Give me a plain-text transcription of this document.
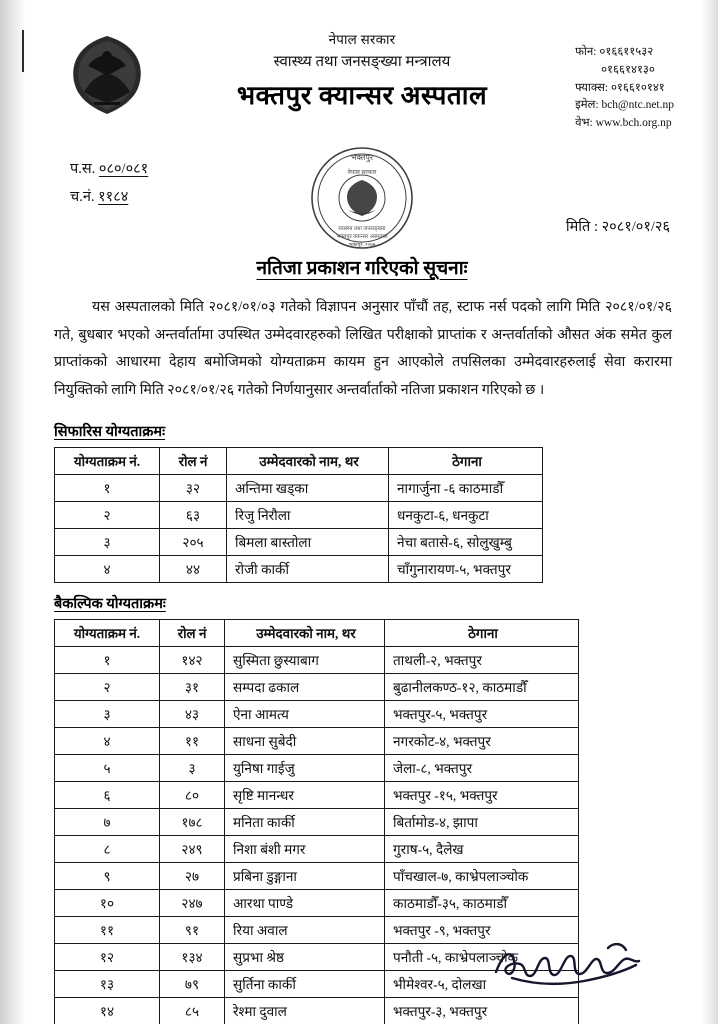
नेपाल सरकार
स्वास्थ्य तथा जनसङ्ख्या मन्त्रालय
भक्तपुर क्यान्सर अस्पताल
फोन: ०१६६११५३२
०१६६१४१३०
फ्याक्स: ०१६६१०१४१
इमेल: bch@ntc.net.np
वेभ: www.bch.org.np
प.स. ०८०/०८१
च.नं. ११८४
भक्तपुर
नेपाल सरकार
स्वास्थ्य तथा जनसङ्ख्या
भक्तपुर क्यान्सर अस्पताल
भक्तपुर, २०७७
मिति : २०८१/०१/२६
नतिजा प्रकाशन गरिएको सूचनाः

यस अस्पतालको मिति २०८१/०१/०३ गतेको विज्ञापन अनुसार पाँचौं तह, स्टाफ नर्स पदको लागि मिति २०८१/०१/२६ गते, बुधबार भएको अन्तर्वार्तामा उपस्थित उम्मेदवारहरुको लिखित परीक्षाको प्राप्तांक र अन्तर्वार्ताको औसत अंक समेत कुल प्राप्तांकको आधारमा देहाय बमोजिमको योग्यताक्रम कायम हुन आएकोले तपसिलका उम्मेदवारहरुलाई सेवा करारमा नियुक्तिको लागि मिति २०८१/०१/२६ गतेको निर्णयानुसार अन्तर्वार्ताको नतिजा प्रकाशन गरिएको छ ।

सिफारिस योग्यताक्रमः
योग्यताक्रम नं.	रोल नं	उम्मेदवारको नाम, थर	ठेगाना
१	३२	अन्तिमा खड्का	नागार्जुना -६ काठमाडौँ
२	६३	रिजु निरौला	धनकुटा-६, धनकुटा
३	२०५	बिमला बास्तोला	नेचा बतासे-६, सोलुखुम्बु
४	४४	रोजी कार्की	चाँगुनारायण-५, भक्तपुर
बैकल्पिक योग्यताक्रमः
योग्यताक्रम नं.	रोल नं	उम्मेदवारको नाम, थर	ठेगाना
१	१४२	सुस्मिता छुस्याबाग	ताथली-२, भक्तपुर
२	३१	सम्पदा ढकाल	बुढानीलकण्ठ-१२, काठमाडौँ
३	४३	ऐना आमत्य	भक्तपुर-५, भक्तपुर
४	११	साधना सुबेदी	नगरकोट-४, भक्तपुर
५	३	युनिषा गाईजु	जेला-८, भक्तपुर
६	८०	सृष्टि मानन्धर	भक्तपुर -१५, भक्तपुर
७	१७८	मनिता कार्की	बिर्तामोड-४, झापा
८	२४९	निशा बंशी मगर	गुराष-५, दैलेख
९	२७	प्रबिना डुङ्गाना	पाँचखाल-७, काभ्रेपलाञ्चोक
१०	२४७	आरथा पाण्डे	काठमाडौँ-३५, काठमाडौँ
११	९१	रिया अवाल	भक्तपुर -९, भक्तपुर
१२	१३४	सुप्रभा श्रेष्ठ	पनौती -५, काभ्रेपलाञ्चोक
१३	७९	सुर्तिना कार्की	भीमेश्वर-५, दोलखा
१४	८५	रेश्मा दुवाल	भक्तपुर-३, भक्तपुर
